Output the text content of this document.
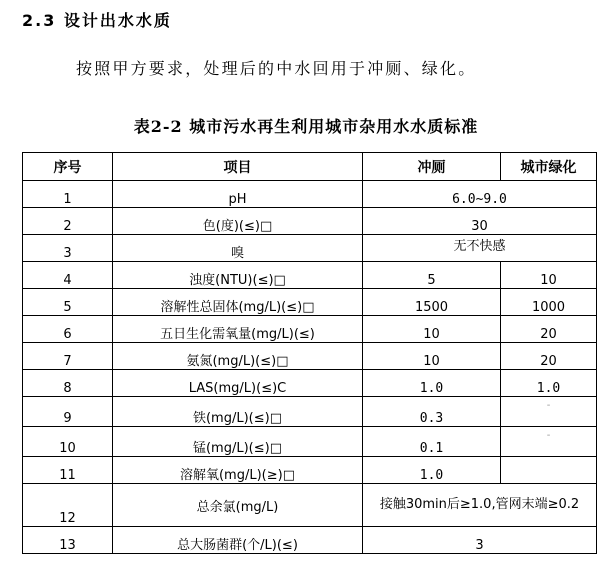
2.3 设计出水水质
按照甲方要求，处理后的中水回用于冲厕、绿化。
表2-2 城市污水再生利用城市杂用水水质标准
序号	项目	冲厕	城市绿化
1	pH	6.0~9.0	
2	色(度)(≤)□	30	
3	嗅	无不快感	
4	浊度(NTU)(≤)□	5	10
5	溶解性总固体(mg/L)(≤)□	1500	1000
6	五日生化需氧量(mg/L)(≤)	10	20
7	氨氮(mg/L)(≤)□	10	20
8	LAS(mg/L)(≤)C	1.0	1.0
9	铁(mg/L)(≤)□	0.3	-
10	锰(mg/L)(≤)□	0.1	-
11	溶解氧(mg/L)(≥)□	1.0	
12	总余氯(mg/L)	接触30min后≥1.0,管网末端≥0.2	
13	总大肠菌群(个/L)(≤)	3	
